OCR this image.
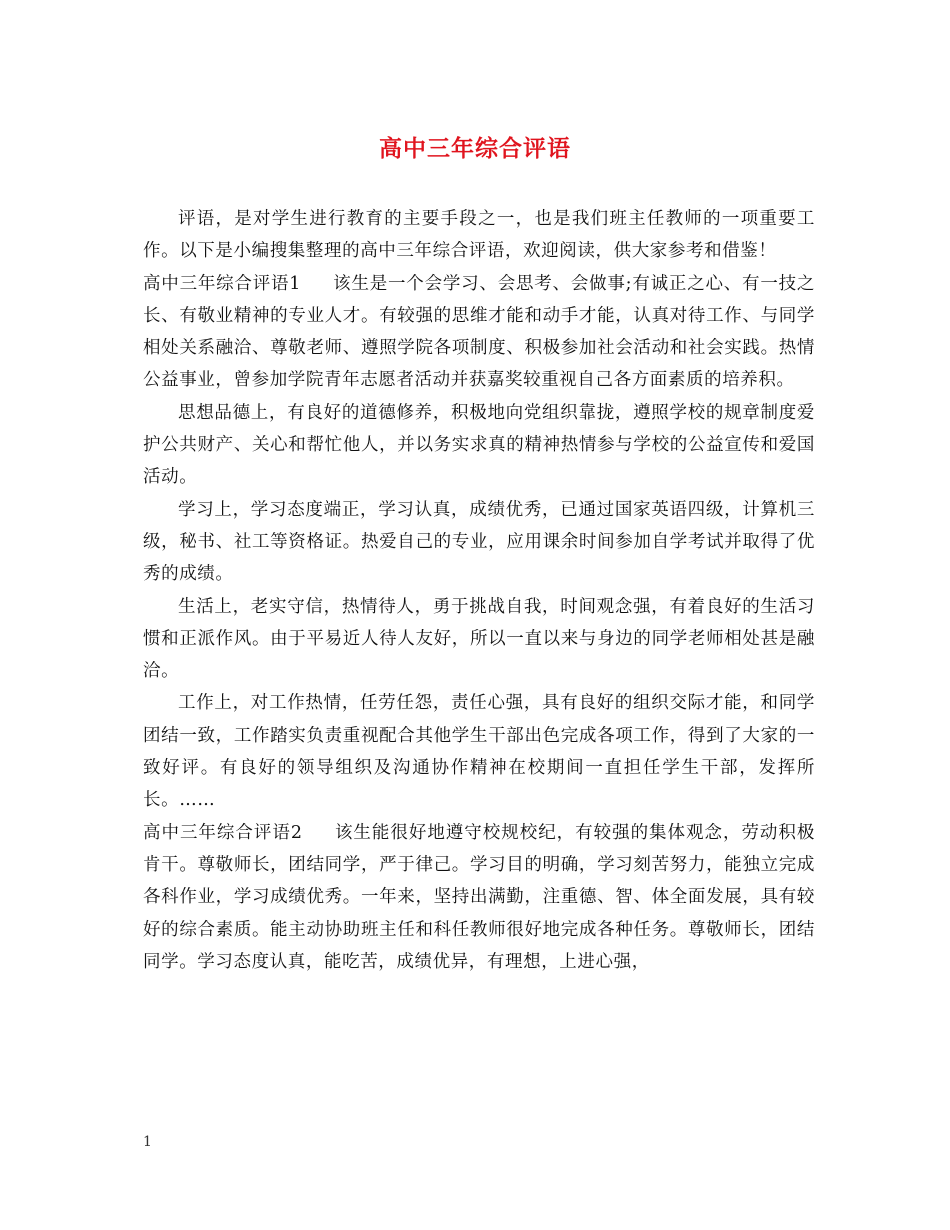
高中三年综合评语

评语，是对学生进行教育的主要手段之一，也是我们班主任教师的一项重要工作。以下是小编搜集整理的高中三年综合评语，欢迎阅读，供大家参考和借鉴！

高中三年综合评语1 该生是一个会学习、会思考、会做事;有诚正之心、有一技之长、有敬业精神的专业人才。有较强的思维才能和动手才能，认真对待工作、与同学相处关系融洽、尊敬老师、遵照学院各项制度、积极参加社会活动和社会实践。热情公益事业，曾参加学院青年志愿者活动并获嘉奖较重视自己各方面素质的培养积。

思想品德上，有良好的道德修养，积极地向党组织靠拢，遵照学校的规章制度爱护公共财产、关心和帮忙他人，并以务实求真的精神热情参与学校的公益宣传和爱国活动。

学习上，学习态度端正，学习认真，成绩优秀，已通过国家英语四级，计算机三级，秘书、社工等资格证。热爱自己的专业，应用课余时间参加自学考试并取得了优秀的成绩。

生活上，老实守信，热情待人，勇于挑战自我，时间观念强，有着良好的生活习惯和正派作风。由于平易近人待人友好，所以一直以来与身边的同学老师相处甚是融洽。

工作上，对工作热情，任劳任怨，责任心强，具有良好的组织交际才能，和同学团结一致，工作踏实负责重视配合其他学生干部出色完成各项工作，得到了大家的一致好评。有良好的领导组织及沟通协作精神在校期间一直担任学生干部，发挥所长。……

高中三年综合评语2 该生能很好地遵守校规校纪，有较强的集体观念，劳动积极肯干。尊敬师长，团结同学，严于律己。学习目的明确，学习刻苦努力，能独立完成各科作业，学习成绩优秀。一年来，坚持出满勤，注重德、智、体全面发展，具有较好的综合素质。能主动协助班主任和科任教师很好地完成各种任务。尊敬师长，团结同学。学习态度认真，能吃苦，成绩优异，有理想，上进心强，

1
